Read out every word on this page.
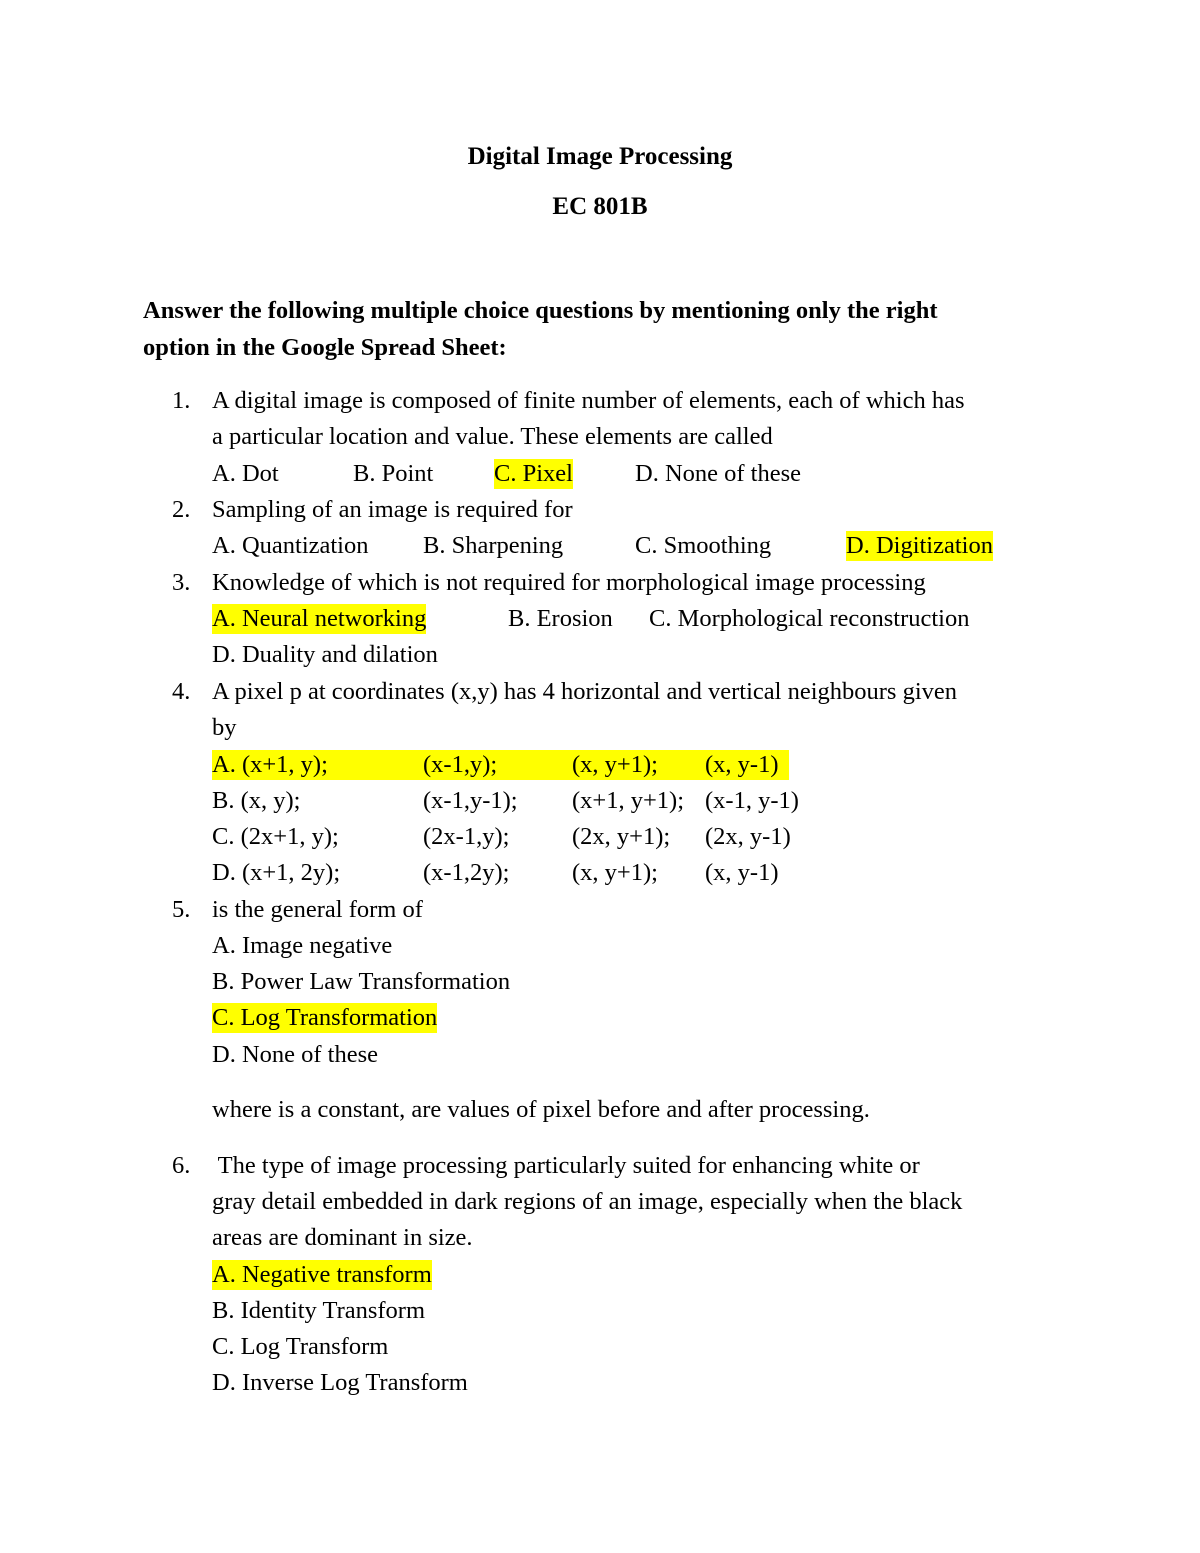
Digital Image Processing
EC 801B
Answer the following multiple choice questions by mentioning only the right
option in the Google Spread Sheet:
1. A digital image is composed of finite number of elements, each of which has
a particular location and value. These elements are called
A. Dot	B. Point C. Pixel	D. None of these
2. Sampling of an image is required for
A. Quantization B. Sharpening	C. Smoothing	D. Digitization
3. Knowledge of which is not required for morphological image processing
A. Neural networking	B. Erosion C. Morphological reconstruction
D. Duality and dilation
4. A pixel p at coordinates (x,y) has 4 horizontal and vertical neighbours given
by

A. (x+1, y);	(x-1,y);	(x, y+1); (x, y-1)
B. (x, y);	(x-1,y-1); (x+1, y+1); (x-1, y-1)
C. (2x+1, y);	(2x-1,y);	(2x, y+1); (2x, y-1)
D. (x+1, 2y);	(x-1,2y);	(x, y+1); (x, y-1)
5. is the general form of
A. Image negative
B. Power Law Transformation
C. Log Transformation
D. None of these
where is a constant, are values of pixel before and after processing.
6. The type of image processing particularly suited for enhancing white or
gray detail embedded in dark regions of an image, especially when the black
areas are dominant in size.
A. Negative transform
B. Identity Transform
C. Log Transform
D. Inverse Log Transform
